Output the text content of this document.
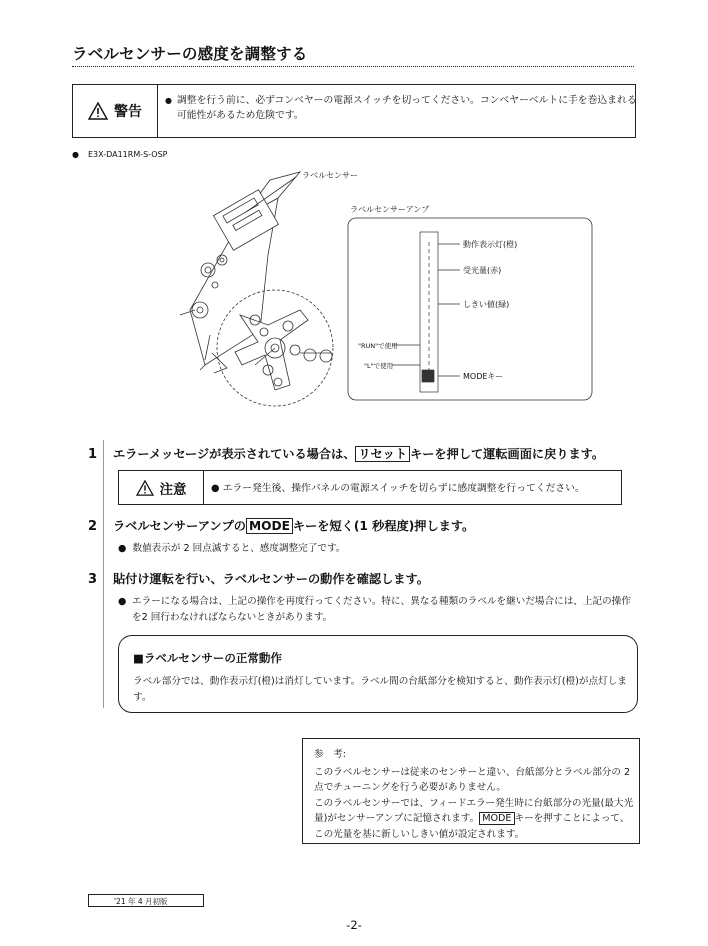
ラベルセンサーの感度を調整する
警告
● 調整を行う前に、必ずコンベヤーの電源スイッチを切ってください。コンベヤーベルトに手を巻込まれる可能性があるため危険です。
● E3X-DA11RM-S-OSP
ラベルセンサー
ラベルセンサーアンプ
動作表示灯(橙)
受光量(赤)
しきい値(緑)
"RUN"で使用
"L"で使用
MODEキー
1 エラーメッセージが表示されている場合は、 リセット キーを押して運転画面に戻ります。
注意	● エラー発生後、操作パネルの電源スイッチを切らずに感度調整を行ってください。
2 ラベルセンサーアンプの MODE キーを短く(1 秒程度)押します。
● 数値表示が 2 回点滅すると、感度調整完了です。
3 貼付け運転を行い、ラベルセンサーの動作を確認します。
● エラーになる場合は、上記の操作を再度行ってください。特に、異なる種類のラベルを継いだ場合には、上記の操作を2 回行わなければならないときがあります。
■ラベルセンサーの正常動作
ラベル部分では、動作表示灯(橙)は消灯しています。ラベル間の台紙部分を検知すると、動作表示灯(橙)が点灯します。
参　考:
このラベルセンサーは従来のセンサーと違い、台紙部分とラベル部分の 2 点でチューニングを行う必要がありません。
このラベルセンサーでは、フィードエラー発生時に台紙部分の光量(最大光量)がセンサーアンプに記憶されます。 MODE キーを押すことによって、この光量を基に新しいしきい値が設定されます。
'21 年 4 月初版
-2-
